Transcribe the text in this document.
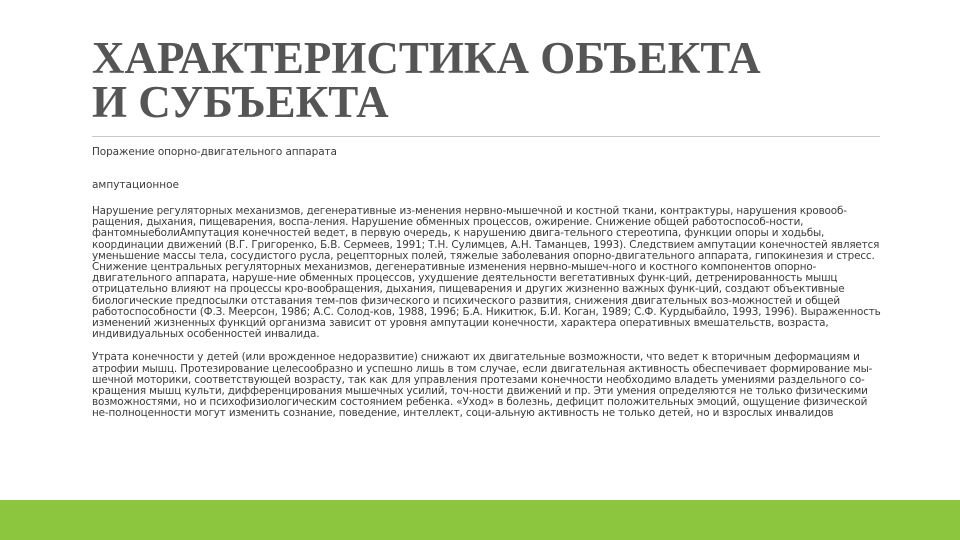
ХАРАКТЕРИСТИКА ОБЪЕКТА
И СУБЪЕКТА

Поражение опорно-двигательного аппарата

ампутационное

Нарушение регуляторных механизмов, дегенеративные из-менения нервно-мышечной и костной ткани, контрактуры, нарушения кровооб-ращения, дыхания, пищеварения, воспа-ления. Нарушение обменных процессов, ожирение. Снижение общей работоспособ-ности, фантомныеболиАмпутация конечностей ведет, в первую очередь, к нарушению двига-тельного стереотипа, функции опоры и ходьбы, координации движений (В.Г. Григоренко, Б.В. Сермеев, 1991; Т.Н. Сулимцев, А.Н. Таманцев, 1993). Следствием ампутации конечностей является уменьшение массы тела, сосудистого русла, рецепторных полей, тяжелые заболевания опорно-двигательного аппарата, гипокинезия и стресс. Снижение центральных регуляторных механизмов, дегенеративные изменения нервно-мышеч-ного и костного компонентов опорно-двигательного аппарата, наруше-ние обменных процессов, ухудшение деятельности вегетативных функ-ций, детренированность мышц отрицательно влияют на процессы кро-вообращения, дыхания, пищеварения и других жизненно важных функ-ций, создают объективные биологические предпосылки отставания тем-пов физического и психического развития, снижения двигательных воз-можностей и общей работоспособности (Ф.З. Меерсон, 1986; А.С. Солод-ков, 1988, 1996; Б.А. Никитюк, Б.И. Коган, 1989; С.Ф. Курдыбайло, 1993, 1996). Выраженность изменений жизненных функций организма зависит от уровня ампутации конечности, характера оперативных вмешательств, возраста, индивидуальных особенностей инвалида.

Утрата конечности у детей (или врожденное недоразвитие) снижают их двигательные возможности, что ведет к вторичным деформациям и атрофии мышц. Протезирование целесообразно и успешно лишь в том случае, если двигательная активность обеспечивает формирование мы-шечной моторики, соответствующей возрасту, так как для управления протезами конечности необходимо владеть умениями раздельного со-кращения мышц культи, дифференцирования мышечных усилий, точ-ности движений и пр. Эти умения определяются не только физическими возможностями, но и психофизиологическим состоянием ребенка. «Уход» в болезнь, дефицит положительных эмоций, ощущение физической не-полноценности могут изменить сознание, поведение, интеллект, соци-альную активность не только детей, но и взрослых инвалидов
